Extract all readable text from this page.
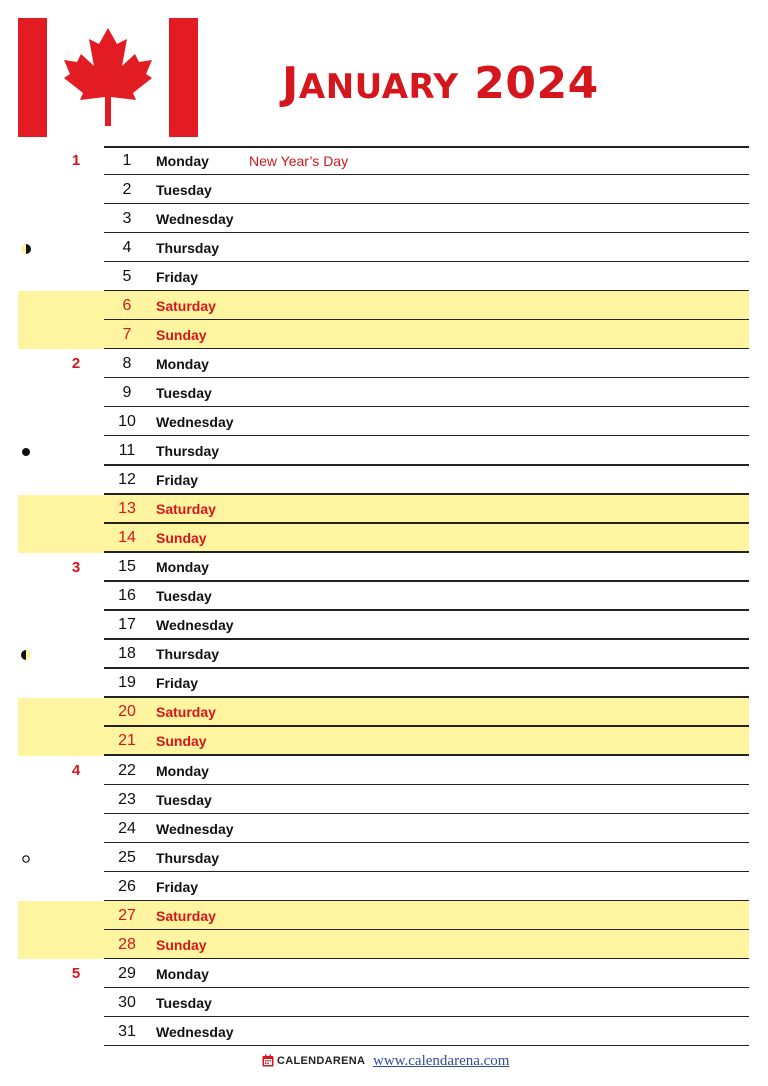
JANUARY 2024
1	1	Monday	New Year’s Day
2	Tuesday
3	Wednesday
4	Thursday
5	Friday
6	Saturday
7	Sunday
2	8	Monday
9	Tuesday
10	Wednesday
11	Thursday
12	Friday
13	Saturday
14	Sunday
3	15	Monday
16	Tuesday
17	Wednesday
18	Thursday
19	Friday
20	Saturday
21	Sunday
4	22	Monday
23	Tuesday
24	Wednesday
25	Thursday
26	Friday
27	Saturday
28	Sunday
5	29	Monday
30	Tuesday
31	Wednesday
CALENDARENA www.calendarena.com
